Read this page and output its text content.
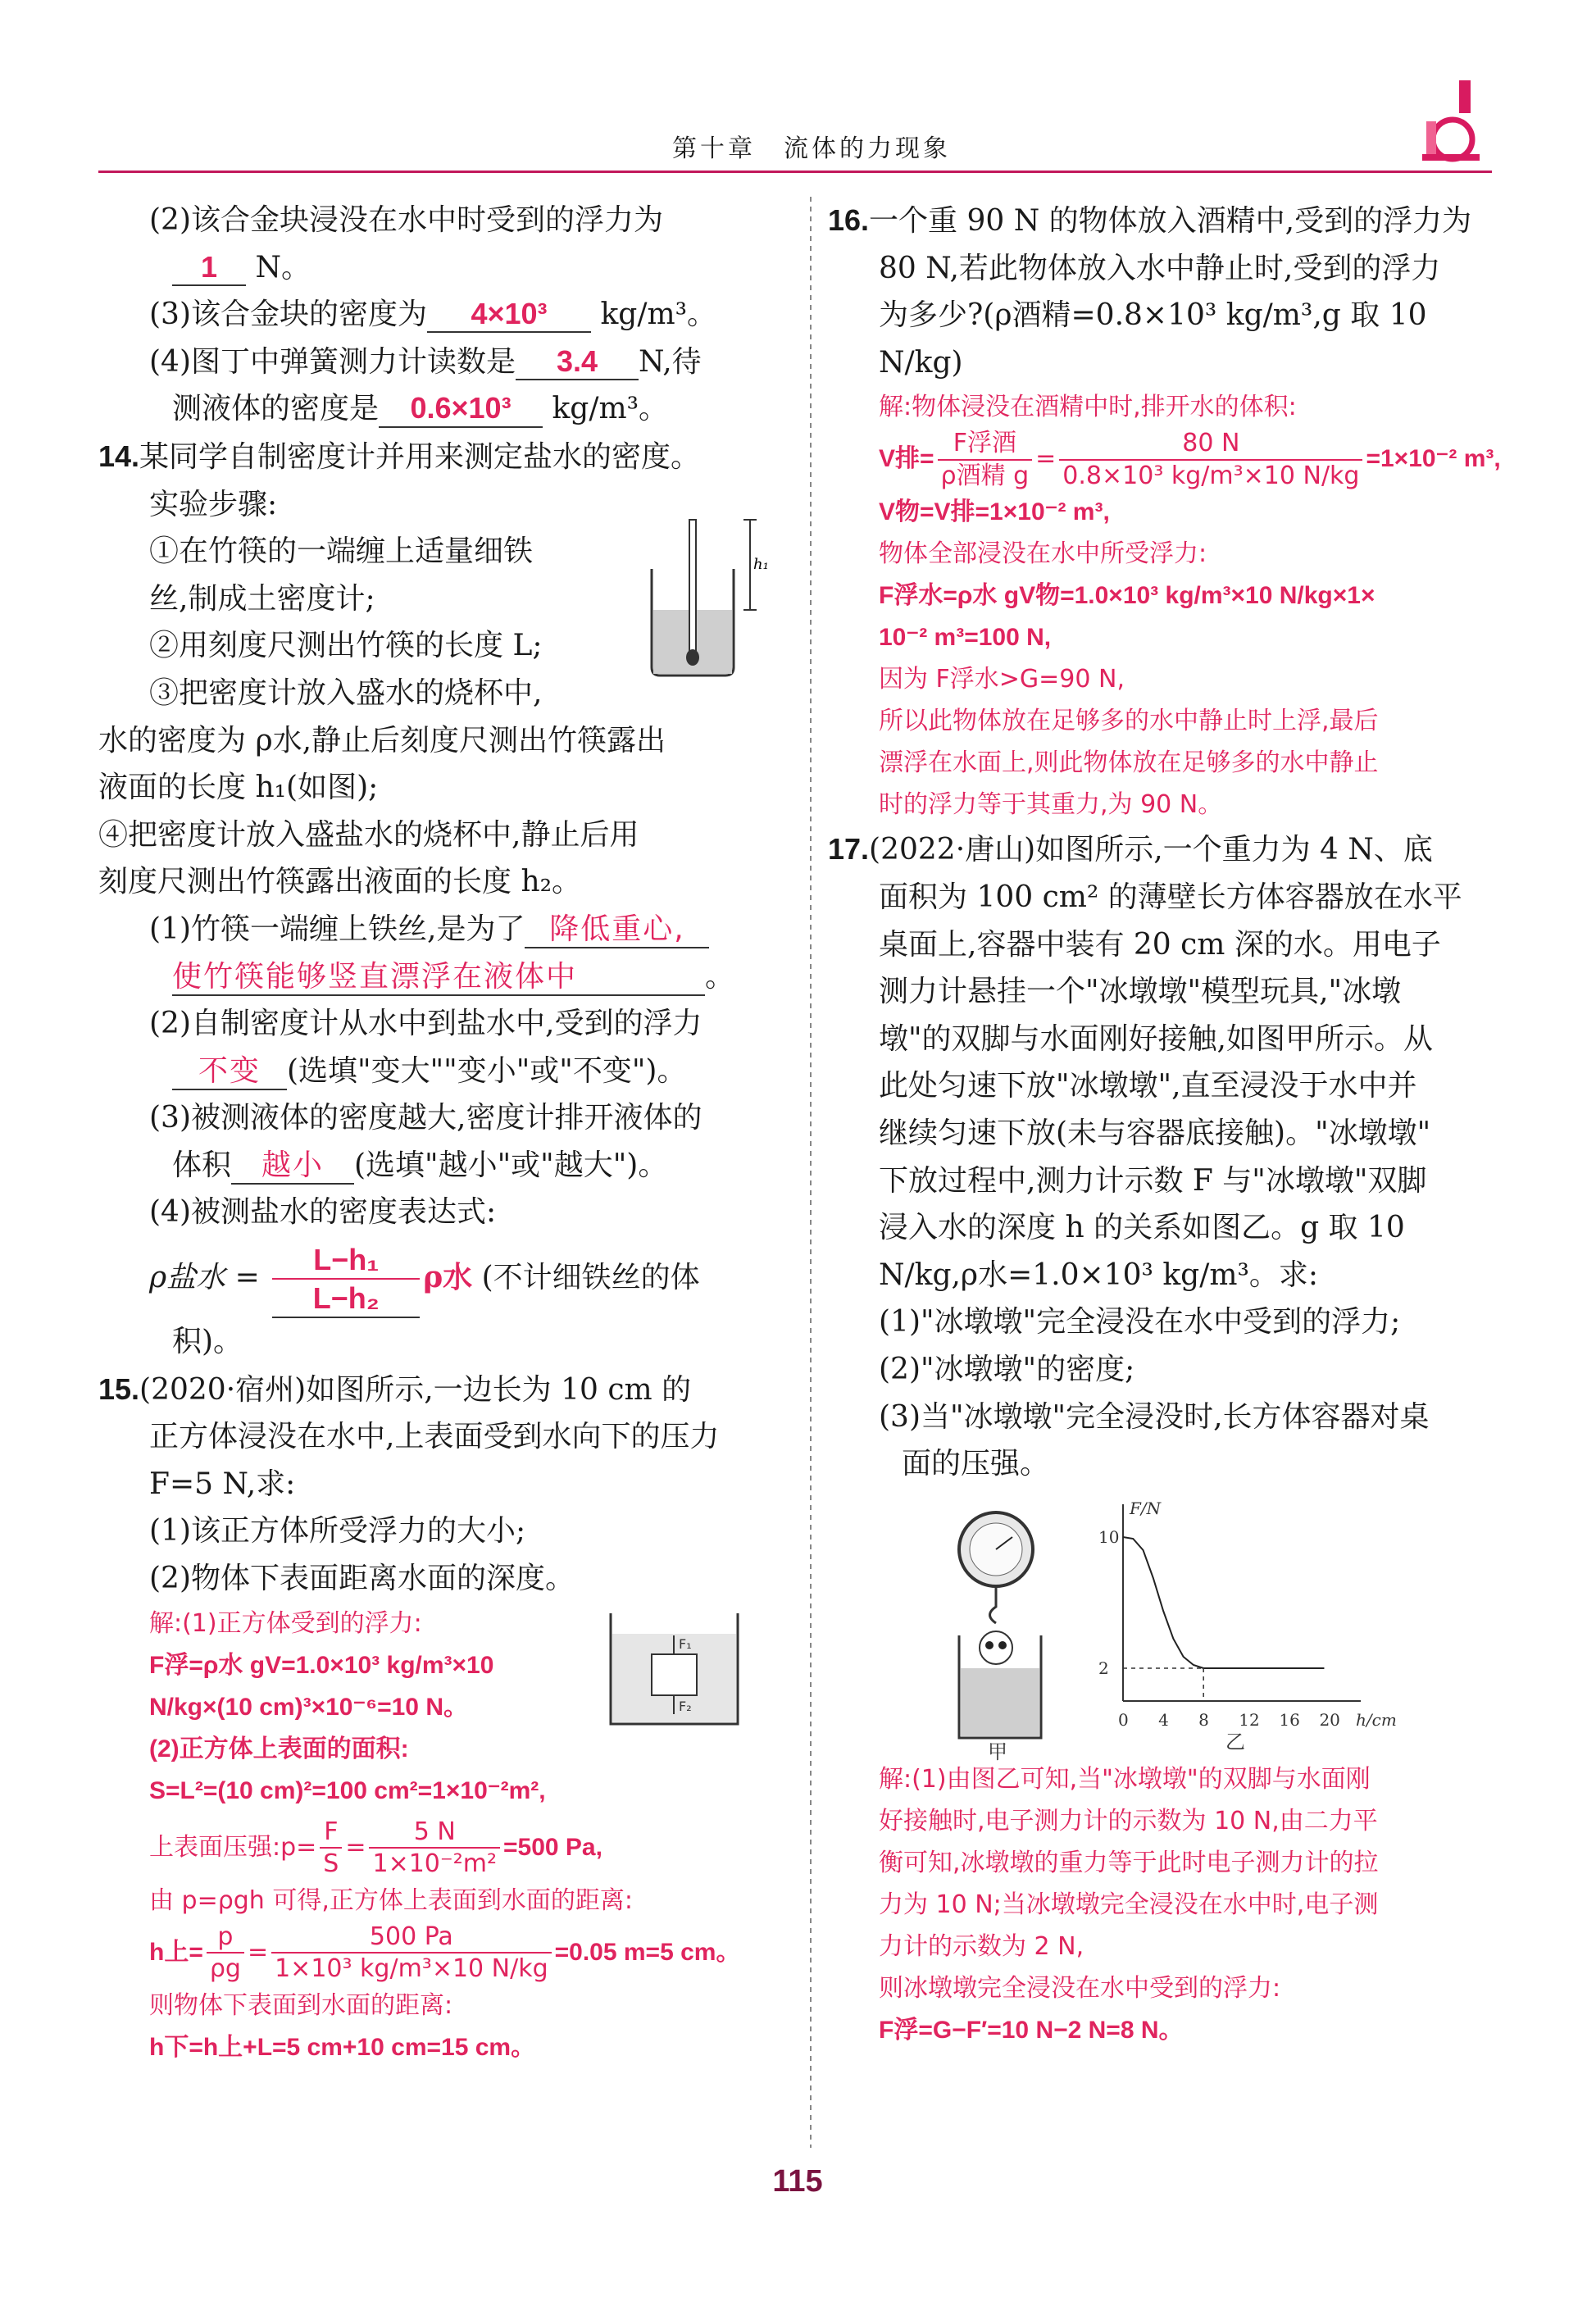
第十章　流体的力现象

(2)该合金块浸没在水中时受到的浮力为

1 N。

(3)该合金块的密度为 4×10³ kg/m³。

(4)图丁中弹簧测力计读数是 3.4 N,待

测液体的密度是 0.6×10³ kg/m³。

14.某同学自制密度计并用来测定盐水的密度。

实验步骤:

①在竹筷的一端缠上适量细铁

丝,制成土密度计;

②用刻度尺测出竹筷的长度 L;

③把密度计放入盛水的烧杯中,

h₁

水的密度为 ρ水,静止后刻度尺测出竹筷露出

液面的长度 h₁(如图);

④把密度计放入盛盐水的烧杯中,静止后用

刻度尺测出竹筷露出液面的长度 h₂。

(1)竹筷一端缠上铁丝,是为了 降低重心,

使竹筷能够竖直漂浮在液体中	。

(2)自制密度计从水中到盐水中,受到的浮力

不变 (选填"变大""变小"或"不变")。

(3)被测液体的密度越大,密度计排开液体的

体积 越小 (选填"越小"或"越大")。

(4)被测盐水的密度表达式:

ρ盐水 = $\frac{\text{L−h₁}}{\text{L−h₂}}$ ρ水 (不计细铁丝的体

积)。

15.(2020·宿州)如图所示,一边长为 10 cm 的

正方体浸没在水中,上表面受到水向下的压力

F=5 N,求:

(1)该正方体所受浮力的大小;

(2)物体下表面距离水面的深度。

F₁
F₂

解:(1)正方体受到的浮力:

F浮=ρ水 gV=1.0×10³ kg/m³×10

N/kg×(10 cm)³×10⁻⁶=10 N。

(2)正方体上表面的面积:

S=L²=(10 cm)²=100 cm²=1×10⁻²m²,

上表面压强:p= $\frac{F}{S} = \frac{5 N}{\text{1×10⁻²m²}} =500$ Pa,

由 p=ρgh 可得,正方体上表面到水面的距离:

h上= $\frac{p}{\rho g} = \frac{500 Pa}{\text{1×10³ kg/m³×10 N/kg}} =0.05$ m=5 cm。

则物体下表面到水面的距离:

h下=h上+L=5 cm+10 cm=15 cm。

16.一个重 90 N 的物体放入酒精中,受到的浮力为

80 N,若此物体放入水中静止时,受到的浮力

为多少?(ρ酒精=0.8×10³ kg/m³,g 取 10

N/kg)

解:物体浸没在酒精中时,排开水的体积:

V排= $\frac{\text{F浮酒}}{\text{ρ酒精 g}} = \frac{80 N}{\text{0.8×10³ kg/m³×10 N/kg}} =1\times 10^{-2}$ m³,

V物=V排=1×10⁻² m³,

物体全部浸没在水中所受浮力:

F浮水=ρ水 gV物=1.0×10³ kg/m³×10 N/kg×1×

10⁻² m³=100 N,

因为 F浮水>G=90 N,

所以此物体放在足够多的水中静止时上浮,最后

漂浮在水面上,则此物体放在足够多的水中静止

时的浮力等于其重力,为 90 N。

17.(2022·唐山)如图所示,一个重力为 4 N、底

面积为 100 cm² 的薄壁长方体容器放在水平

桌面上,容器中装有 20 cm 深的水。用电子

测力计悬挂一个"冰墩墩"模型玩具,"冰墩

墩"的双脚与水面刚好接触,如图甲所示。从

此处匀速下放"冰墩墩",直至浸没于水中并

继续匀速下放(未与容器底接触)。"冰墩墩"

下放过程中,测力计示数 F 与"冰墩墩"双脚

浸入水的深度 h 的关系如图乙。g 取 10

N/kg,ρ水=1.0×10³ kg/m³。求:

(1)"冰墩墩"完全浸没在水中受到的浮力;

(2)"冰墩墩"的密度;

(3)当"冰墩墩"完全浸没时,长方体容器对桌

面的压强。

甲
h/cm
F/N
0 4 8 12 16 20
2
10
乙

解:(1)由图乙可知,当"冰墩墩"的双脚与水面刚

好接触时,电子测力计的示数为 10 N,由二力平

衡可知,冰墩墩的重力等于此时电子测力计的拉

力为 10 N;当冰墩墩完全浸没在水中时,电子测

力计的示数为 2 N,

则冰墩墩完全浸没在水中受到的浮力:

F浮=G−F′=10 N−2 N=8 N。

115
